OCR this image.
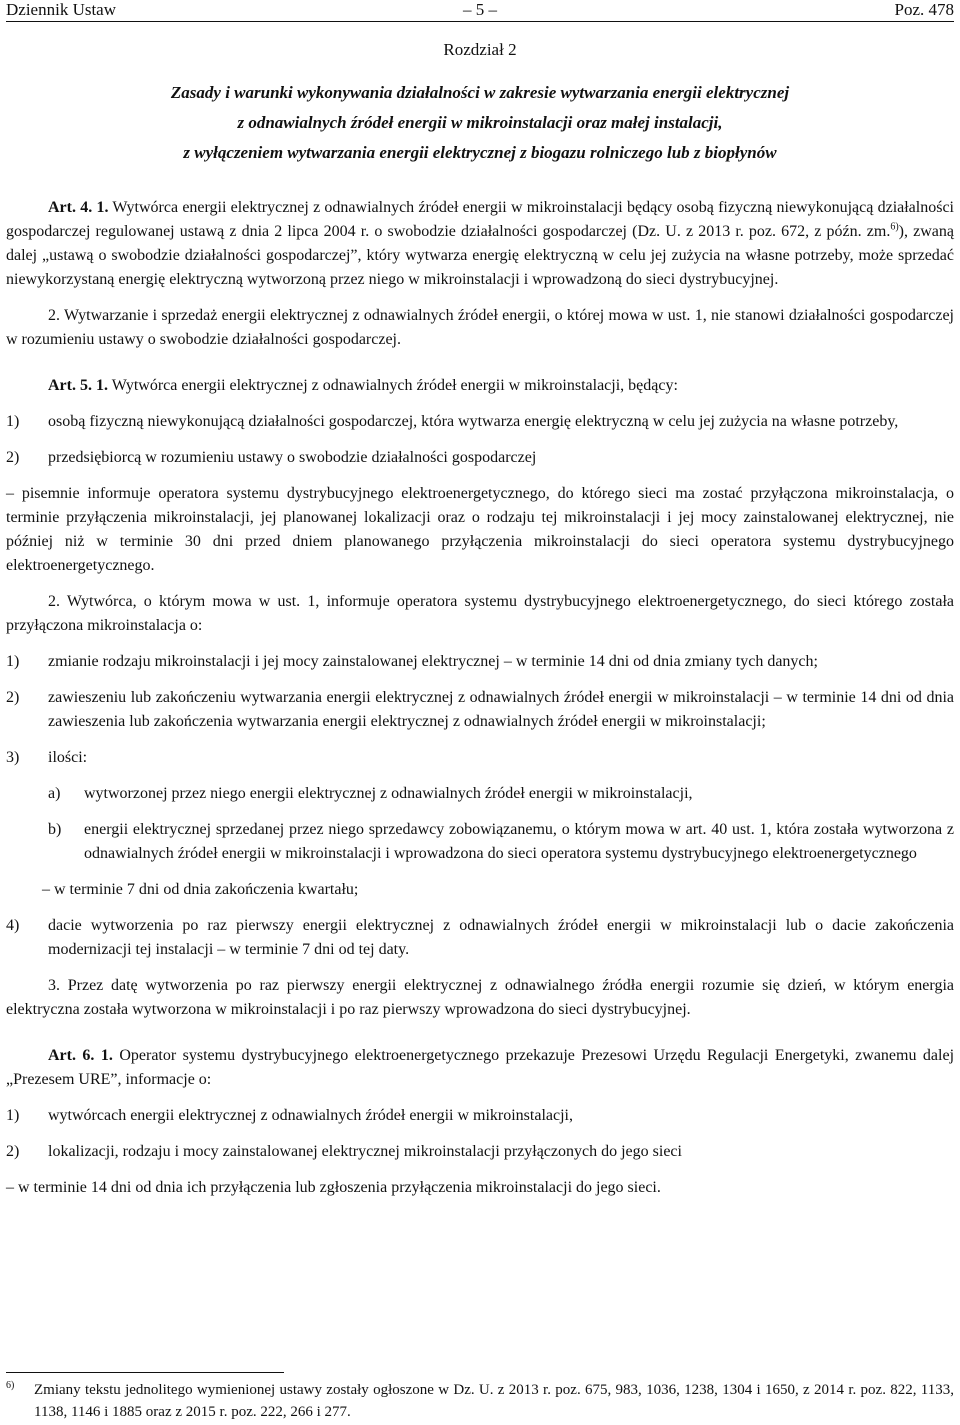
Dziennik Ustaw	– 5 –	Poz. 478
Rozdział 2
Zasady i warunki wykonywania działalności w zakresie wytwarzania energii elektrycznej
z odnawialnych źródeł energii w mikroinstalacji oraz małej instalacji,
z wyłączeniem wytwarzania energii elektrycznej z biogazu rolniczego lub z biopłynów

Art. 4. 1. Wytwórca energii elektrycznej z odnawialnych źródeł energii w mikroinstalacji będący osobą fizyczną niewykonującą działalności gospodarczej regulowanej ustawą z dnia 2 lipca 2004 r. o swobodzie działalności gospodarczej (Dz. U. z 2013 r. poz. 672, z późn. zm.$^{6)}$), zwaną dalej „ustawą o swobodzie działalności gospodarczej”, który wytwarza energię elektryczną w celu jej zużycia na własne potrzeby, może sprzedać niewykorzystaną energię elektryczną wytworzoną przez niego w mikroinstalacji i wprowadzoną do sieci dystrybucyjnej.

2. Wytwarzanie i sprzedaż energii elektrycznej z odnawialnych źródeł energii, o której mowa w ust. 1, nie stanowi działalności gospodarczej w rozumieniu ustawy o swobodzie działalności gospodarczej.

Art. 5. 1. Wytwórca energii elektrycznej z odnawialnych źródeł energii w mikroinstalacji, będący:

1)	osobą fizyczną niewykonującą działalności gospodarczej, która wytwarza energię elektryczną w celu jej zużycia na własne potrzeby,
2)	przedsiębiorcą w rozumieniu ustawy o swobodzie działalności gospodarczej

– pisemnie informuje operatora systemu dystrybucyjnego elektroenergetycznego, do którego sieci ma zostać przyłączona mikroinstalacja, o terminie przyłączenia mikroinstalacji, jej planowanej lokalizacji oraz o rodzaju tej mikroinstalacji i jej mocy zainstalowanej elektrycznej, nie później niż w terminie 30 dni przed dniem planowanego przyłączenia mikroinstalacji do sieci operatora systemu dystrybucyjnego elektroenergetycznego.

2. Wytwórca, o którym mowa w ust. 1, informuje operatora systemu dystrybucyjnego elektroenergetycznego, do sieci którego została przyłączona mikroinstalacja o:

1)	zmianie rodzaju mikroinstalacji i jej mocy zainstalowanej elektrycznej – w terminie 14 dni od dnia zmiany tych danych;
2)	zawieszeniu lub zakończeniu wytwarzania energii elektrycznej z odnawialnych źródeł energii w mikroinstalacji – w terminie 14 dni od dnia zawieszenia lub zakończenia wytwarzania energii elektrycznej z odnawialnych źródeł energii w mikroinstalacji;
3)	ilości:
a)	wytworzonej przez niego energii elektrycznej z odnawialnych źródeł energii w mikroinstalacji,
b)	energii elektrycznej sprzedanej przez niego sprzedawcy zobowiązanemu, o którym mowa w art. 40 ust. 1, która została wytworzona z odnawialnych źródeł energii w mikroinstalacji i wprowadzona do sieci operatora systemu dystrybucyjnego elektroenergetycznego

– w terminie 7 dni od dnia zakończenia kwartału;

4)	dacie wytworzenia po raz pierwszy energii elektrycznej z odnawialnych źródeł energii w mikroinstalacji lub o dacie zakończenia modernizacji tej instalacji – w terminie 7 dni od tej daty.

3. Przez datę wytworzenia po raz pierwszy energii elektrycznej z odnawialnego źródła energii rozumie się dzień, w którym energia elektryczna została wytworzona w mikroinstalacji i po raz pierwszy wprowadzona do sieci dystrybucyjnej.

Art. 6. 1. Operator systemu dystrybucyjnego elektroenergetycznego przekazuje Prezesowi Urzędu Regulacji Energetyki, zwanemu dalej „Prezesem URE”, informacje o:

1)	wytwórcach energii elektrycznej z odnawialnych źródeł energii w mikroinstalacji,
2)	lokalizacji, rodzaju i mocy zainstalowanej elektrycznej mikroinstalacji przyłączonych do jego sieci

– w terminie 14 dni od dnia ich przyłączenia lub zgłoszenia przyłączenia mikroinstalacji do jego sieci.

6)	Zmiany tekstu jednolitego wymienionej ustawy zostały ogłoszone w Dz. U. z 2013 r. poz. 675, 983, 1036, 1238, 1304 i 1650, z 2014 r. poz. 822, 1133, 1138, 1146 i 1885 oraz z 2015 r. poz. 222, 266 i 277.
